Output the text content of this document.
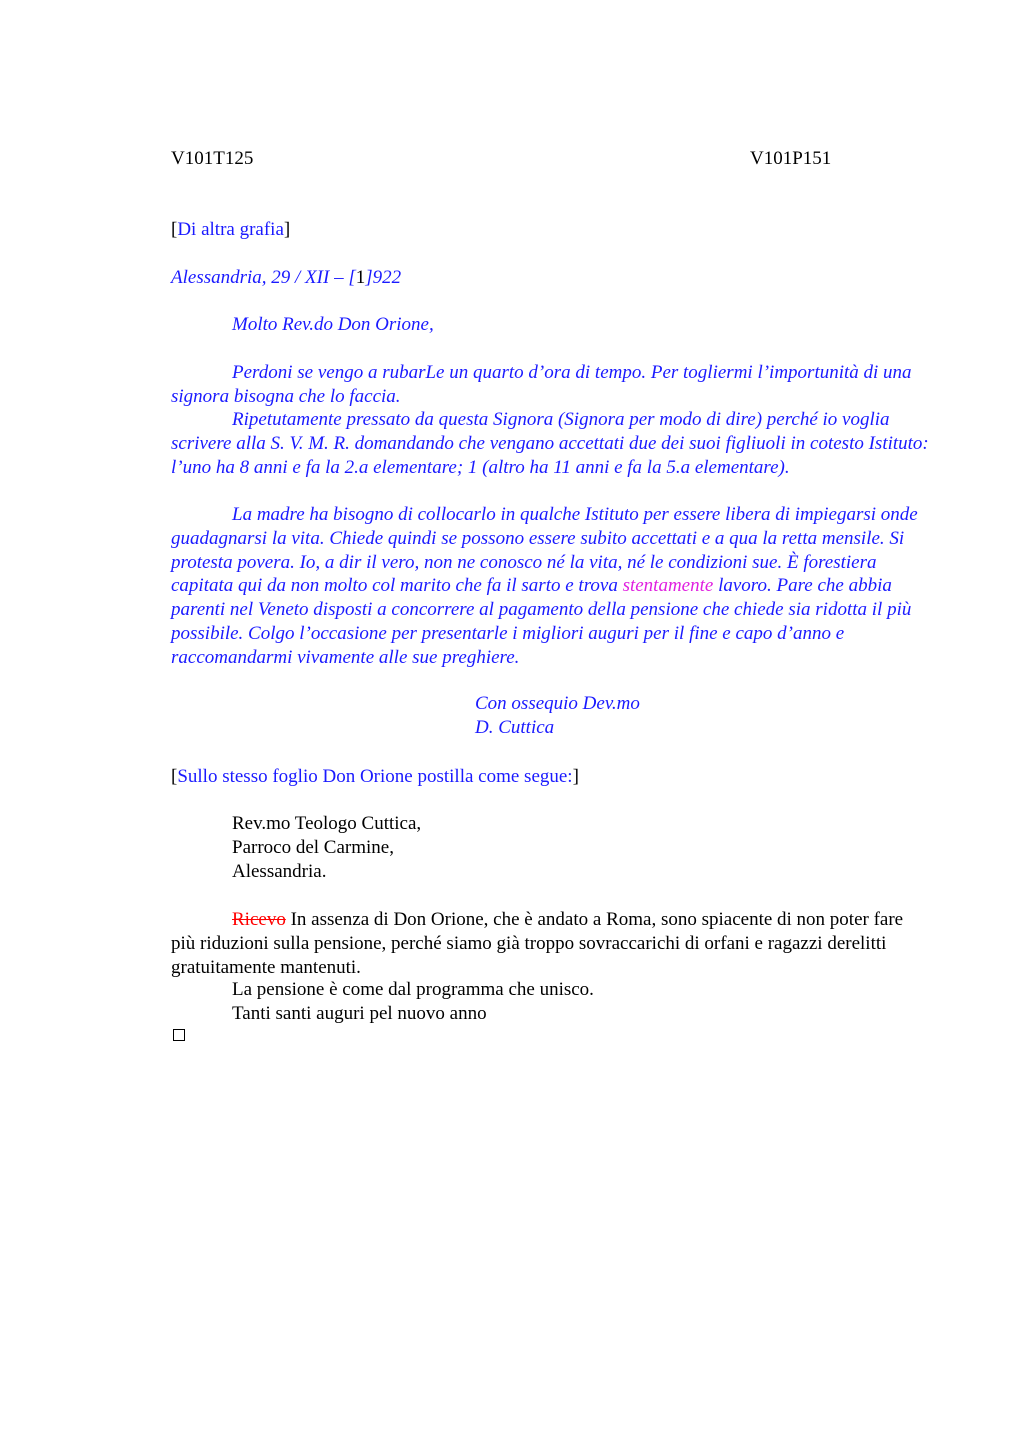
V101T125	V101P151
[Di altra grafia]
Alessandria, 29 / XII – [1]922
Molto Rev.do Don Orione,

Perdoni se vengo a rubarLe un quarto d’ora di tempo. Per togliermi l’importunità di una signora bisogna che lo faccia.

Ripetutamente pressato da questa Signora (Signora per modo di dire) perché io voglia scrivere alla S. V. M. R. domandando che vengano accettati due dei suoi figliuoli in cotesto Istituto: l’uno ha 8 anni e fa la 2.a elementare; 1 (altro ha 11 anni e fa la 5.a elementare).

La madre ha bisogno di collocarlo in qualche Istituto per essere libera di impiegarsi onde guadagnarsi la vita. Chiede quindi se possono essere subito accettati e a qua la retta mensile. Si protesta povera. Io, a dir il vero, non ne conosco né la vita, né le condizioni sue. È forestiera capitata qui da non molto col marito che fa il sarto e trova stentamente lavoro. Pare che abbia parenti nel Veneto disposti a concorrere al pagamento della pensione che chiede sia ridotta il più possibile. Colgo l’occasione per presentarle i migliori auguri per il fine e capo d’anno e raccomandarmi vivamente alle sue preghiere.

Con ossequio Dev.mo
D. Cuttica
[Sullo stesso foglio Don Orione postilla come segue:]
Rev.mo Teologo Cuttica,
Parroco del Carmine,
Alessandria.

Ricevo In assenza di Don Orione, che è andato a Roma, sono spiacente di non poter fare più riduzioni sulla pensione, perché siamo già troppo sovraccarichi di orfani e ragazzi derelitti gratuitamente mantenuti.

La pensione è come dal programma che unisco.
Tanti santi auguri pel nuovo anno
